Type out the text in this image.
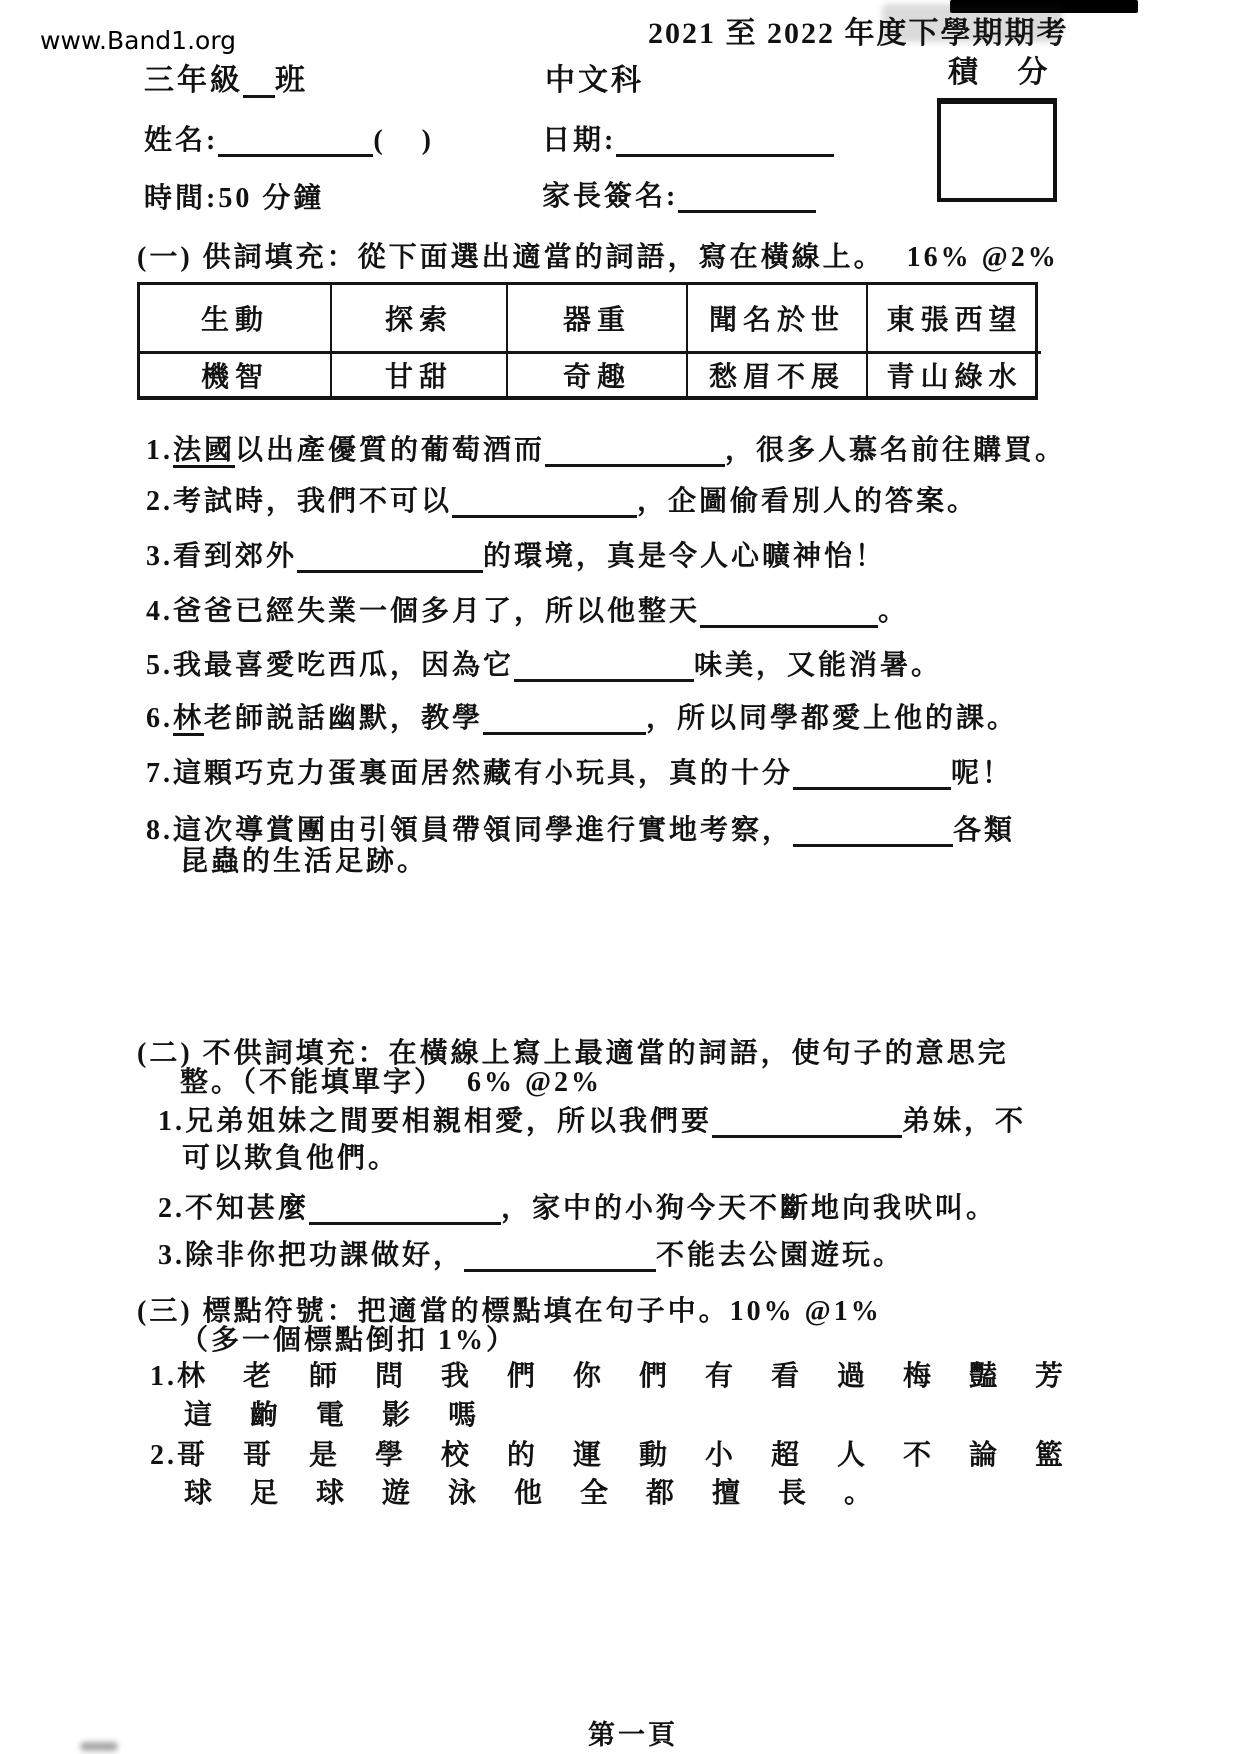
www.Band1.org	2021 至 2022 年度下學期期考
三年級 班	中文科	積 分
姓名:	( )	日期:
時間:50 分鐘	家長簽名:
(一) 供詞填充：從下面選出適當的詞語，寫在橫線上。 16% @2%
生動	探索	器重	聞名於世	東張西望
機智	甘甜	奇趣	愁眉不展	青山綠水
1.法國以出產優質的葡萄酒而	，很多人慕名前往購買。
2.考試時，我們不可以	，企圖偷看別人的答案。
3.看到郊外	的環境，真是令人心曠神怡！
4.爸爸已經失業一個多月了，所以他整天	。
5.我最喜愛吃西瓜，因為它	味美，又能消暑。
6.林老師説話幽默，教學	，所以同學都愛上他的課。
7.這顆巧克力蛋裏面居然藏有小玩具，真的十分	呢！
8.這次導賞團由引領員帶領同學進行實地考察，	各類
昆蟲的生活足跡。
(二) 不供詞填充：在橫線上寫上最適當的詞語，使句子的意思完
整。（不能填單字） 6% @2%
1.兄弟姐妹之間要相親相愛，所以我們要	弟妹，不
可以欺負他們。
2.不知甚麼	，家中的小狗今天不斷地向我吠叫。
3.除非你把功課做好，	不能去公園遊玩。
(三) 標點符號：把適當的標點填在句子中。10% @1%
（多一個標點倒扣 1%）
1.林老師問我們你們有看過梅豔芳
這齣電影嗎
2.哥哥是學校的運動小超人不論籃
球足球遊泳他全都擅長。
第一頁
